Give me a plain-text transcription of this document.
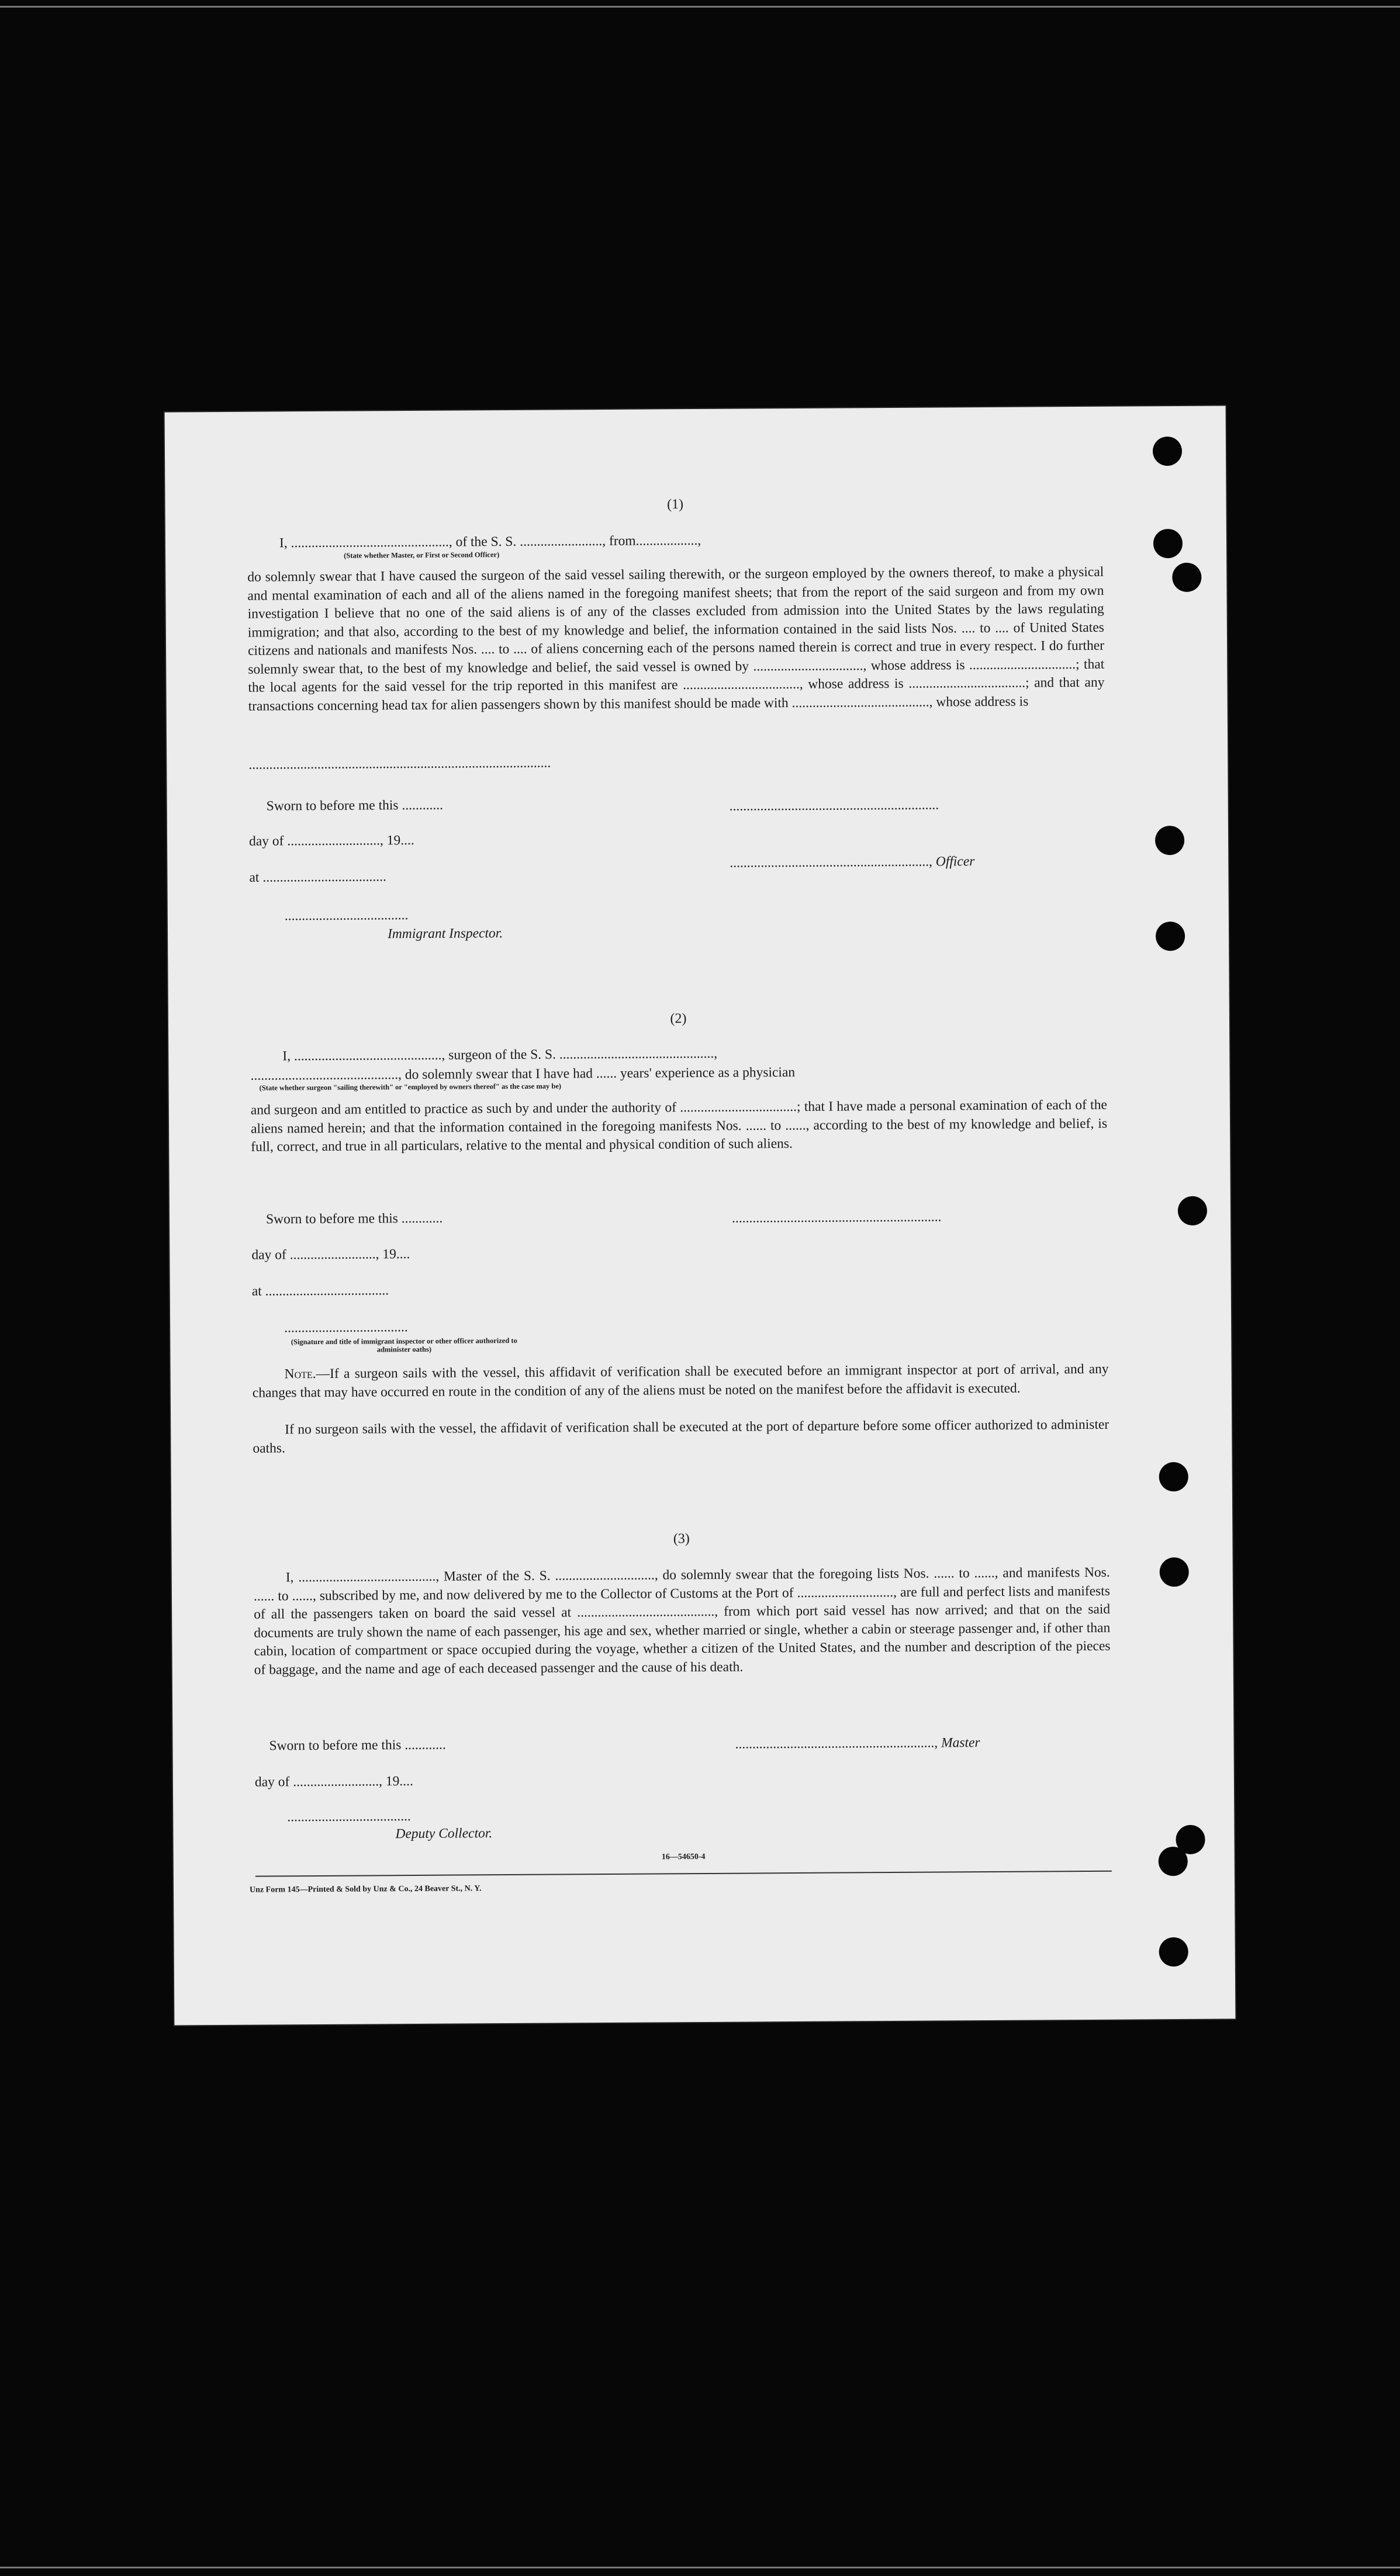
(1)
I, .............................................., of the S. S. ........................, from..................,
(State whether Master, or First or Second Officer)
do solemnly swear that I have caused the surgeon of the said vessel sailing therewith, or the surgeon employed by the owners thereof, to make a physical and mental examination of each and all of the aliens named in the foregoing manifest sheets; that from the report of the said surgeon and from my own investigation I believe that no one of the said aliens is of any of the classes excluded from admission into the United States by the laws regulating immigration; and that also, according to the best of my knowledge and belief, the information contained in the said lists Nos. .... to .... of United States citizens and nationals and manifests Nos. .... to .... of aliens concerning each of the persons named therein is correct and true in every respect. I do further solemnly swear that, to the best of my knowledge and belief, the said vessel is owned by ................................, whose address is ...............................; that the local agents for the said vessel for the trip reported in this manifest are .................................., whose address is ..................................; and that any transactions concerning head tax for alien passengers shown by this manifest should be made with ........................................, whose address is
........................................................................................
Sworn to before me this ............
day of ..........................., 19....
at ....................................
....................................
Immigrant Inspector.
.............................................................
.........................................................., Officer
(2)
I, ..........................................., surgeon of the S. S. .............................................,
..........................................., do solemnly swear that I have had ...... years' experience as a physician
(State whether surgeon "sailing therewith" or "employed by owners thereof" as the case may be)
and surgeon and am entitled to practice as such by and under the authority of ..................................; that I have made a personal examination of each of the aliens named herein; and that the information contained in the foregoing manifests Nos. ...... to ......, according to the best of my knowledge and belief, is full, correct, and true in all particulars, relative to the mental and physical condition of such aliens.
Sworn to before me this ............
day of ........................., 19....
at ....................................
....................................
(Signature and title of immigrant inspector or other officer authorized to administer oaths)
.............................................................
Note.—If a surgeon sails with the vessel, this affidavit of verification shall be executed before an immigrant inspector at port of arrival, and any changes that may have occurred en route in the condition of any of the aliens must be noted on the manifest before the affidavit is executed.
If no surgeon sails with the vessel, the affidavit of verification shall be executed at the port of departure before some officer authorized to administer oaths.
(3)
I, ........................................, Master of the S. S. ............................., do solemnly swear that the foregoing lists Nos. ...... to ......, and manifests Nos. ...... to ......, subscribed by me, and now delivered by me to the Collector of Customs at the Port of ............................, are full and perfect lists and manifests of all the passengers taken on board the said vessel at ........................................, from which port said vessel has now arrived; and that on the said documents are truly shown the name of each passenger, his age and sex, whether married or single, whether a cabin or steerage passenger and, if other than cabin, location of compartment or space occupied during the voyage, whether a citizen of the United States, and the number and description of the pieces of baggage, and the name and age of each deceased passenger and the cause of his death.
Sworn to before me this ............
day of ........................., 19....
....................................
Deputy Collector.
.........................................................., Master
16—54650-4
Unz Form 145—Printed & Sold by Unz & Co., 24 Beaver St., N. Y.
